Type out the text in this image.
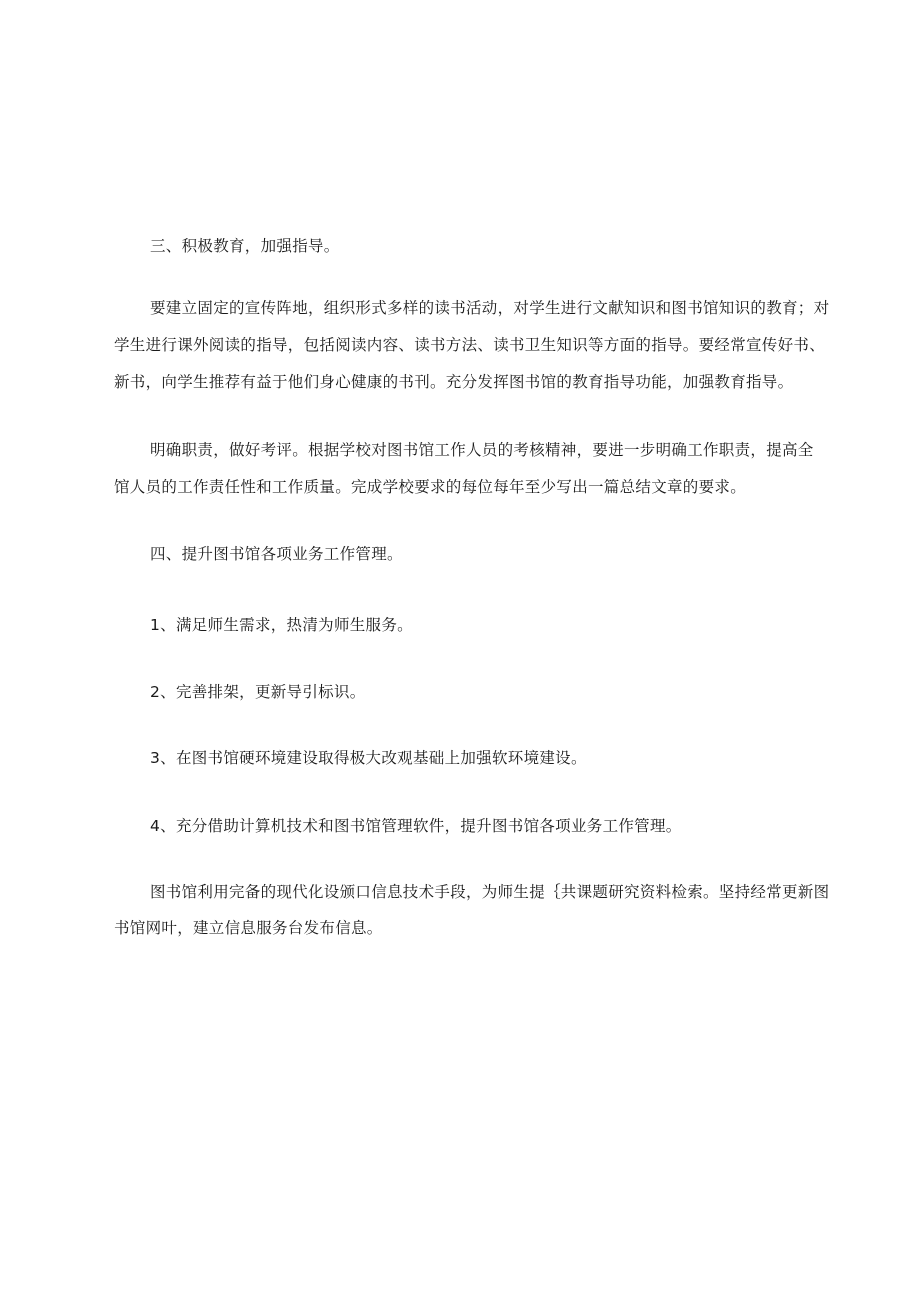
三、积极教育，加强指导。
要建立固定的宣传阵地，组织形式多样的读书活动，对学生进行文献知识和图书馆知识的教育；对
学生进行课外阅读的指导，包括阅读内容、读书方法、读书卫生知识等方面的指导。要经常宣传好书、
新书，向学生推荐有益于他们身心健康的书刊。充分发挥图书馆的教育指导功能，加强教育指导。
明确职责，做好考评。根据学校对图书馆工作人员的考核精神，要进一步明确工作职责，提高全
馆人员的工作责任性和工作质量。完成学校要求的每位每年至少写出一篇总结文章的要求。
四、提升图书馆各项业务工作管理。
1、满足师生需求，热清为师生服务。
2、完善排架，更新导引标识。
3、在图书馆硬环境建设取得极大改观基础上加强软环境建设。
4、充分借助计算机技术和图书馆管理软件，提升图书馆各项业务工作管理。
图书馆利用完备的现代化设颁口信息技术手段，为师生提｛共课题研究资料检索。坚持经常更新图
书馆网叶，建立信息服务台发布信息。
